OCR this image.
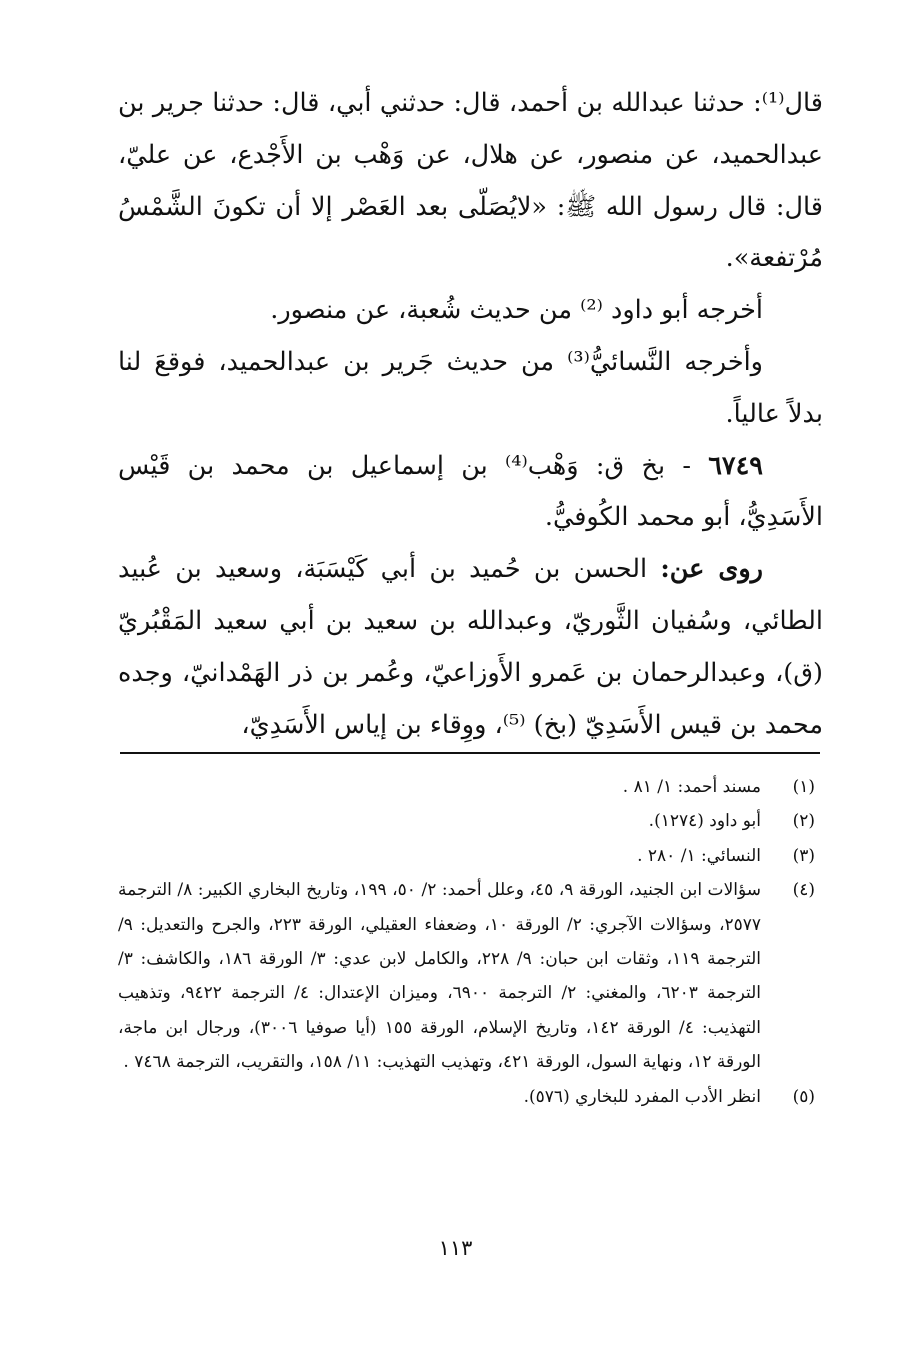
قال⁽¹⁾: حدثنا عبدالله بن أحمد، قال: حدثني أبي، قال: حدثنا جرير بن عبدالحميد، عن منصور، عن هلال، عن وَهْب بن الأَجْدع، عن عليّ، قال: قال رسول الله ﷺ: «لايُصَلّى بعد العَصْر إلا أن تكونَ الشَّمْسُ مُرْتفعة».

أخرجه أبو داود ⁽²⁾ من حديث شُعبة، عن منصور.

وأخرجه النَّسائيُّ⁽³⁾ من حديث جَرير بن عبدالحميد، فوقعَ لنا بدلاً عالياً.

٦٧٤٩ - بخ ق: وَهْب⁽⁴⁾ بن إسماعيل بن محمد بن قَيْس الأَسَدِيُّ، أبو محمد الكُوفيُّ.

روى عن: الحسن بن حُميد بن أبي كَيْسَبَة، وسعيد بن عُبيد الطائي، وسُفيان الثَّوريّ، وعبدالله بن سعيد بن أبي سعيد المَقْبُريّ (ق)، وعبدالرحمان بن عَمرو الأَوزاعيّ، وعُمر بن ذر الهَمْدانيّ، وجده محمد بن قيس الأَسَدِيّ (بخ) ⁽⁵⁾، ووِقاء بن إياس الأَسَدِيّ،

(١)
مسند أحمد: ١/ ٨١ .
(٢)
أبو داود (١٢٧٤).
(٣)
النسائي: ١/ ٢٨٠ .
(٤)
سؤالات ابن الجنيد، الورقة ٩، ٤٥، وعلل أحمد: ٢/ ٥٠، ١٩٩، وتاريخ البخاري الكبير: ٨/ الترجمة ٢٥٧٧، وسؤالات الآجري: ٢/ الورقة ١٠، وضعفاء العقيلي، الورقة ٢٢٣، والجرح والتعديل: ٩/ الترجمة ١١٩، وثقات ابن حبان: ٩/ ٢٢٨، والكامل لابن عدي: ٣/ الورقة ١٨٦، والكاشف: ٣/ الترجمة ٦٢٠٣، والمغني: ٢/ الترجمة ٦٩٠٠، وميزان الإعتدال: ٤/ الترجمة ٩٤٢٢، وتذهيب التهذيب: ٤/ الورقة ١٤٢، وتاريخ الإسلام، الورقة ١٥٥ (أيا صوفيا ٣٠٠٦)، ورجال ابن ماجة، الورقة ١٢، ونهاية السول، الورقة ٤٢١، وتهذيب التهذيب: ١١/ ١٥٨، والتقريب، الترجمة ٧٤٦٨ .
(٥)
انظر الأدب المفرد للبخاري (٥٧٦).
١١٣
